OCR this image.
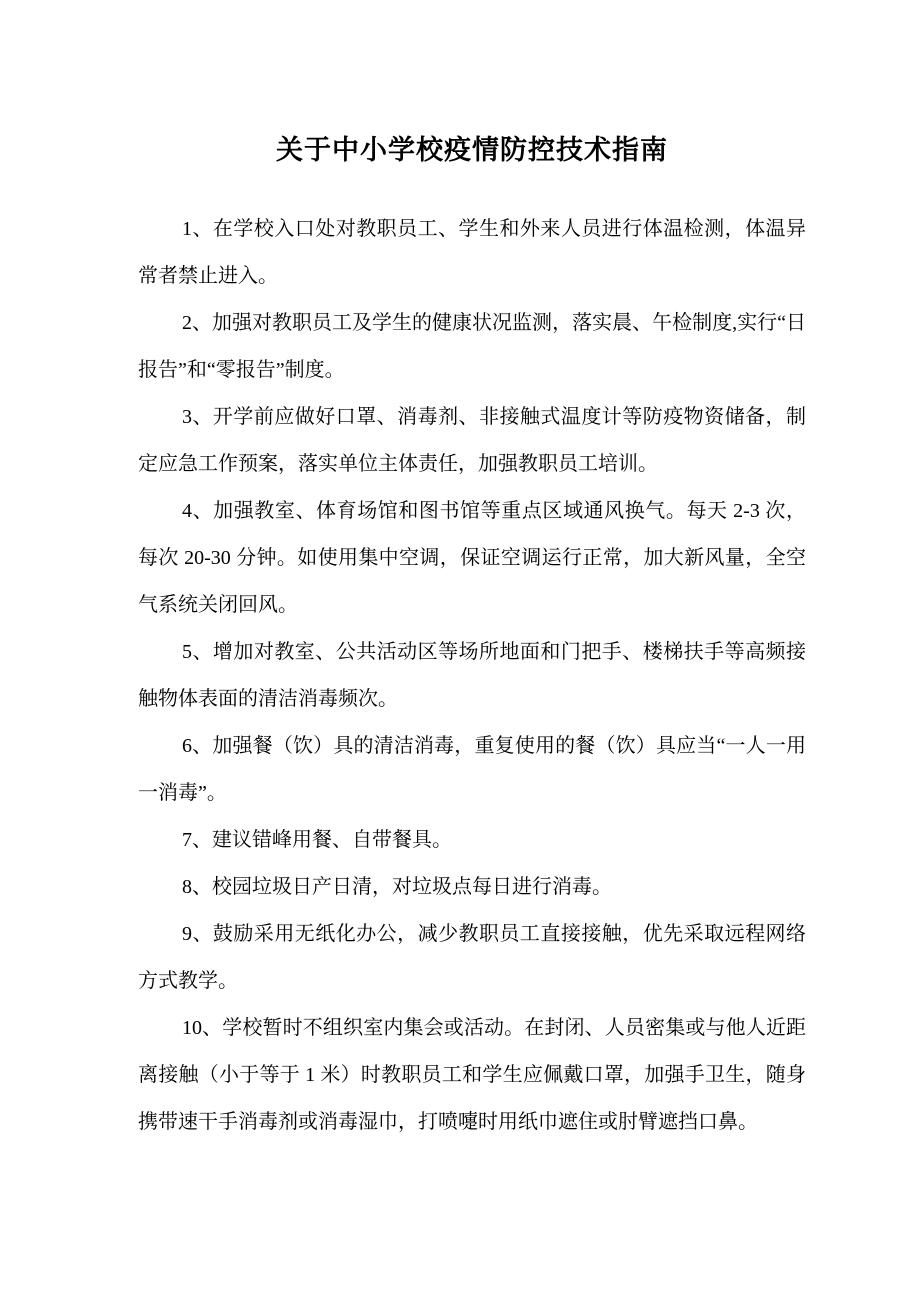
关于中小学校疫情防控技术指南

1、在学校入口处对教职员工、学生和外来人员进行体温检测，体温异常者禁止进入。

2、加强对教职员工及学生的健康状况监测，落实晨、午检制度,实行“日报告”和“零报告”制度。

3、开学前应做好口罩、消毒剂、非接触式温度计等防疫物资储备，制定应急工作预案，落实单位主体责任，加强教职员工培训。

4、加强教室、体育场馆和图书馆等重点区域通风换气。每天 2-3 次，每次 20-30 分钟。如使用集中空调，保证空调运行正常，加大新风量，全空气系统关闭回风。

5、增加对教室、公共活动区等场所地面和门把手、楼梯扶手等高频接触物体表面的清洁消毒频次。

6、加强餐（饮）具的清洁消毒，重复使用的餐（饮）具应当“一人一用一消毒”。

7、建议错峰用餐、自带餐具。

8、校园垃圾日产日清，对垃圾点每日进行消毒。

9、鼓励采用无纸化办公，减少教职员工直接接触，优先采取远程网络方式教学。

10、学校暂时不组织室内集会或活动。在封闭、人员密集或与他人近距离接触（小于等于 1 米）时教职员工和学生应佩戴口罩，加强手卫生，随身携带速干手消毒剂或消毒湿巾，打喷嚏时用纸巾遮住或肘臂遮挡口鼻。
